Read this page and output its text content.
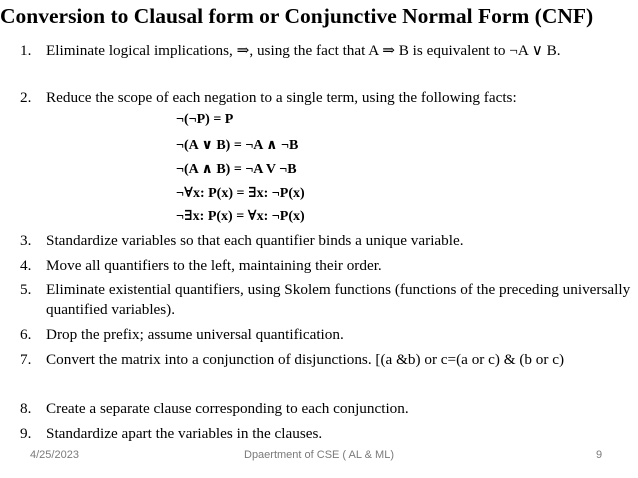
Conversion to Clausal form or Conjunctive Normal Form (CNF)
1. Eliminate logical implications, ⇒, using the fact that A ⇒ B is equivalent to ¬A ∨ B.
2. Reduce the scope of each negation to a single term, using the following facts:
¬(¬P) = P
¬(A ∨ B) = ¬A ∧ ¬B
¬(A ∧ B) = ¬A V ¬B
¬∀x: P(x) = ∃x: ¬P(x)
¬∃x: P(x) = ∀x: ¬P(x)
3. Standardize variables so that each quantifier binds a unique variable.
4. Move all quantifiers to the left, maintaining their order.
5. Eliminate existential quantifiers, using Skolem functions (functions of the preceding universally quantified variables).
6. Drop the prefix; assume universal quantification.
7. Convert the matrix into a conjunction of disjunctions. [(a &b) or c=(a or c) & (b or c)
8. Create a separate clause corresponding to each conjunction.
9. Standardize apart the variables in the clauses.
4/25/2023	Dpaertment of CSE ( AL & ML)	9
